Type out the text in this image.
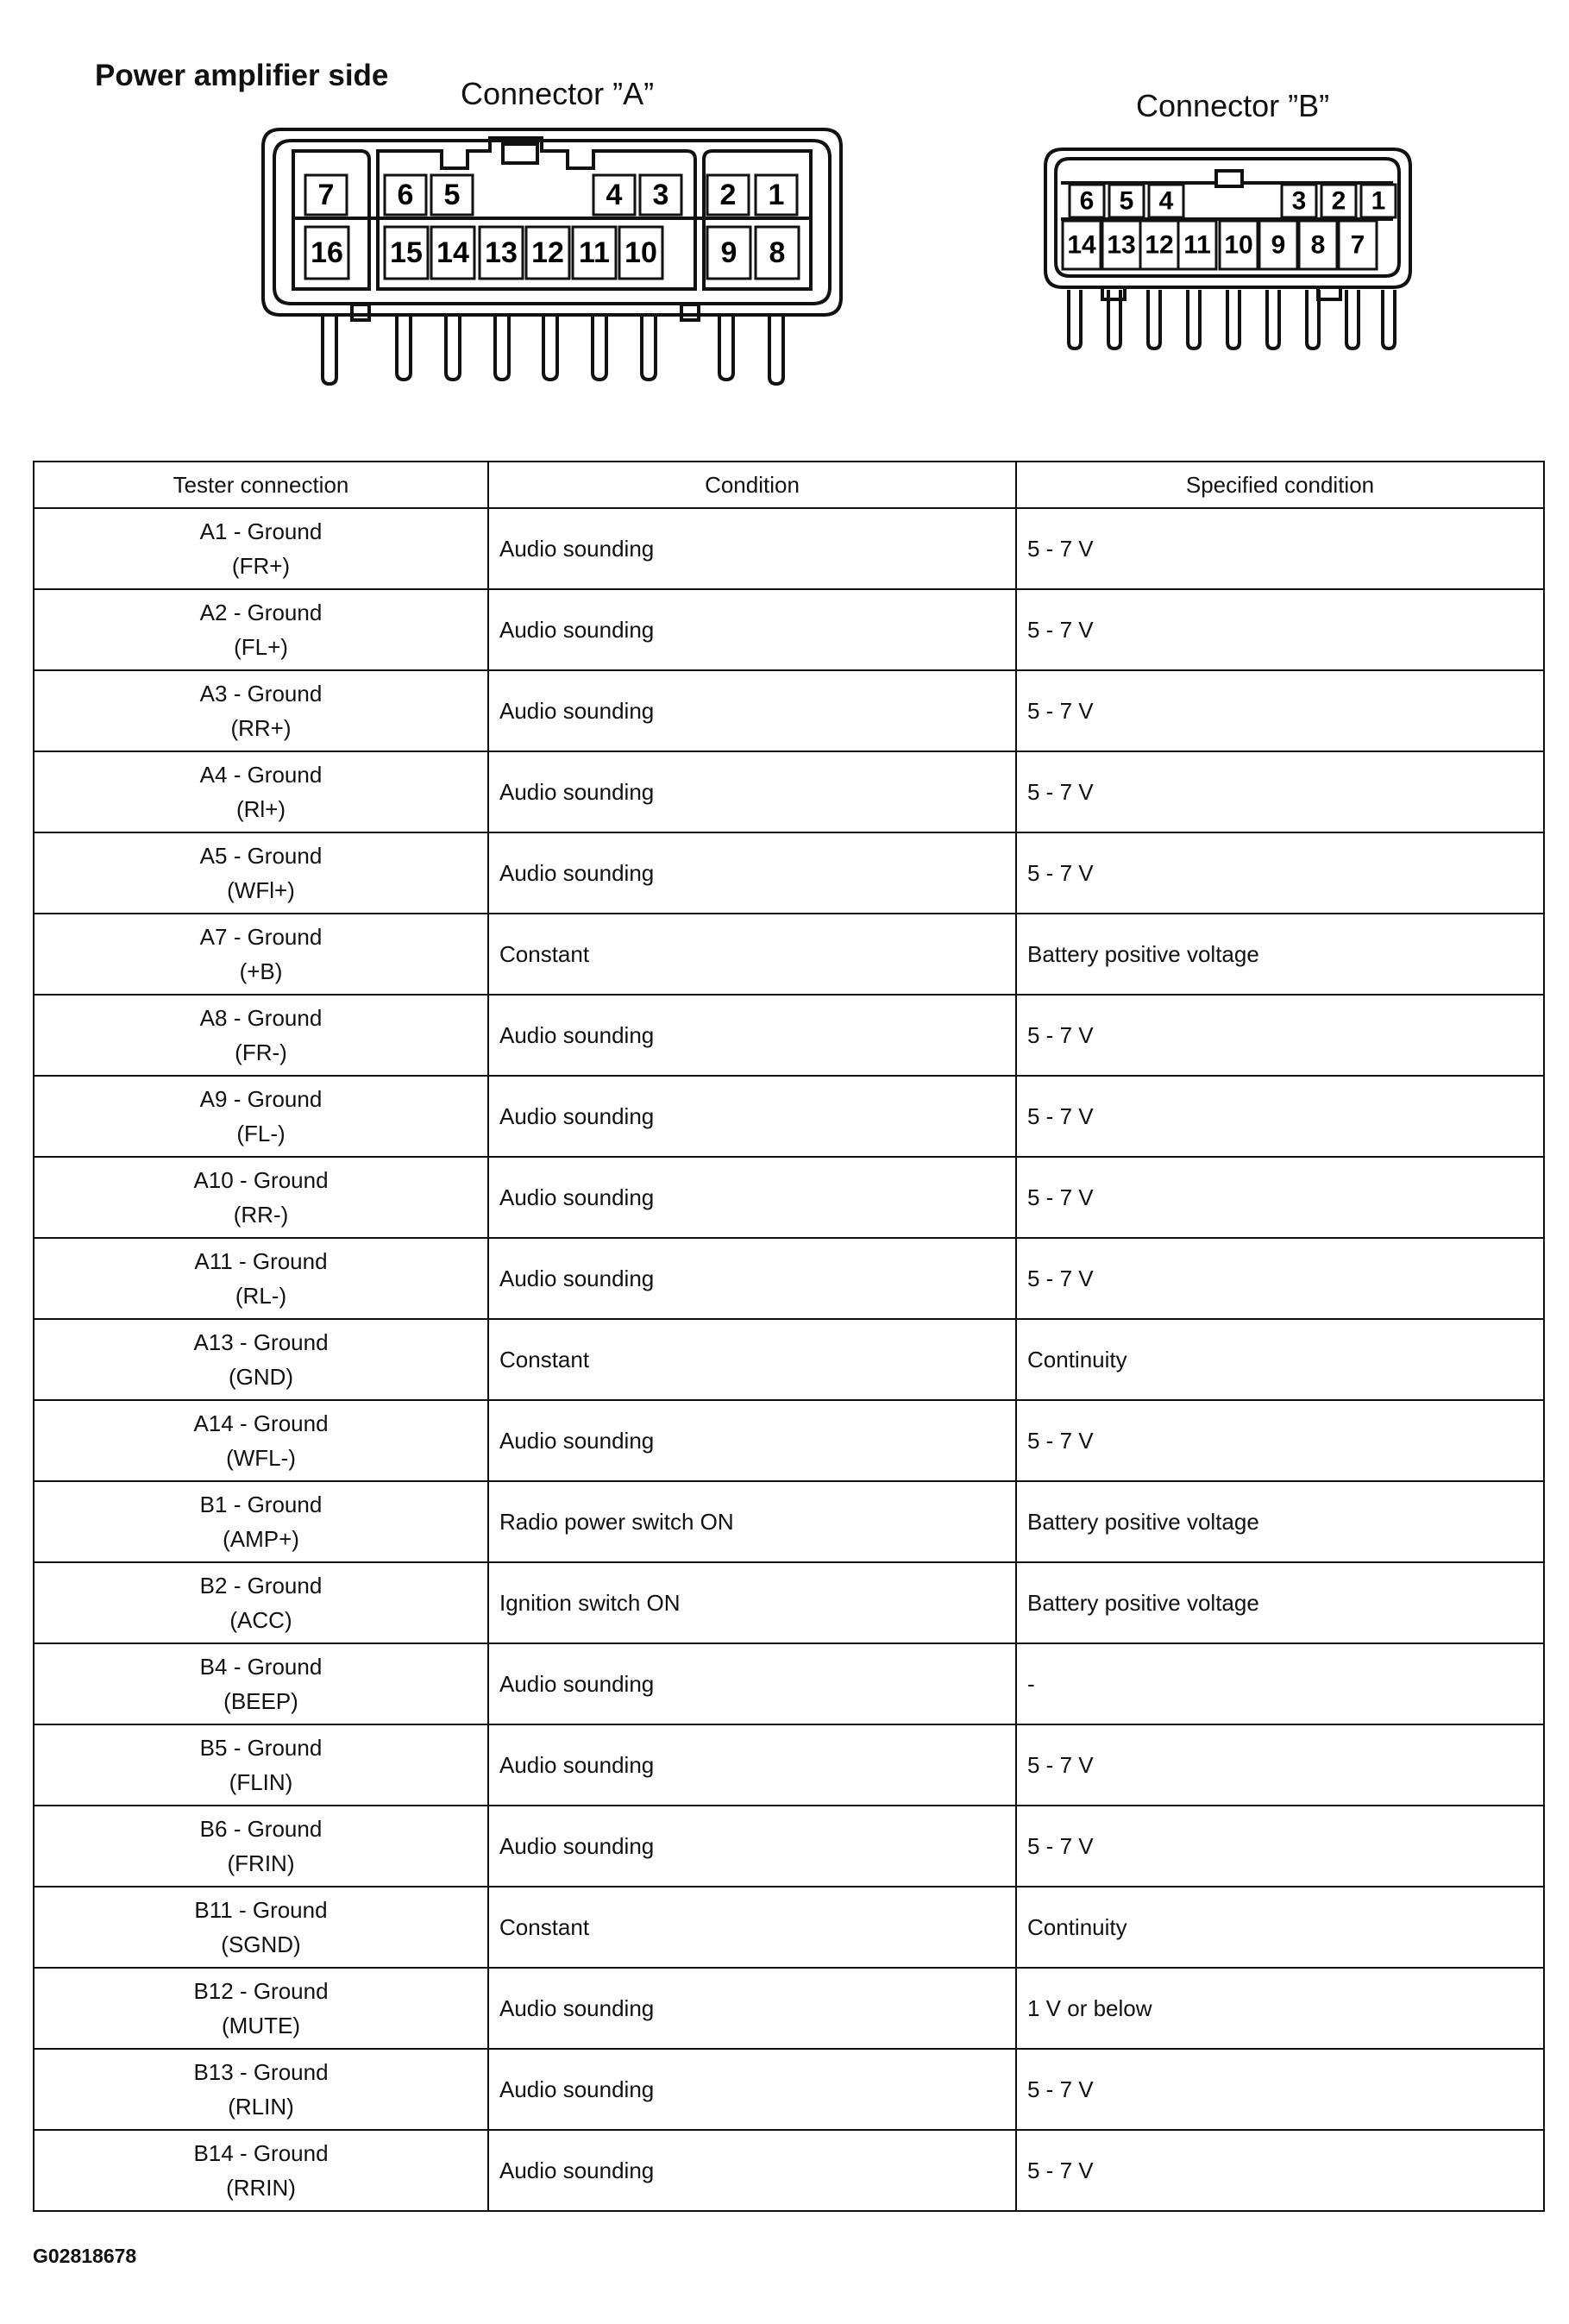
Power amplifier side
Connector ”A”	Connector ”B”
7 6 5	4 3 2 1
16 15 14 13 12 11 10 9 8
6 5 4	3 2 1
14 13 12 11 10 9 8 7
Tester connection	Condition	Specified condition

A1 - Ground
(FR+)	Audio sounding	5 - 7 V

A2 - Ground
(FL+)	Audio sounding	5 - 7 V

A3 - Ground
(RR+)	Audio sounding	5 - 7 V

A4 - Ground
(Rl+)	Audio sounding	5 - 7 V

A5 - Ground
(WFl+)	Audio sounding	5 - 7 V

A7 - Ground
(+B)	Constant	Battery positive voltage

A8 - Ground
(FR-)	Audio sounding	5 - 7 V

A9 - Ground
(FL-)	Audio sounding	5 - 7 V

A10 - Ground
(RR-)	Audio sounding	5 - 7 V

A11 - Ground
(RL-)	Audio sounding	5 - 7 V

A13 - Ground
(GND)	Constant	Continuity

A14 - Ground
(WFL-)	Audio sounding	5 - 7 V

B1 - Ground
(AMP+)	Radio power switch ON	Battery positive voltage

B2 - Ground
(ACC)	Ignition switch ON	Battery positive voltage

B4 - Ground
(BEEP)	Audio sounding	-

B5 - Ground
(FLIN)	Audio sounding	5 - 7 V

B6 - Ground
(FRIN)	Audio sounding	5 - 7 V

B11 - Ground
(SGND)	Constant	Continuity

B12 - Ground
(MUTE)	Audio sounding	1 V or below

B13 - Ground
(RLIN)	Audio sounding	5 - 7 V

B14 - Ground
(RRIN)	Audio sounding	5 - 7 V
G02818678
